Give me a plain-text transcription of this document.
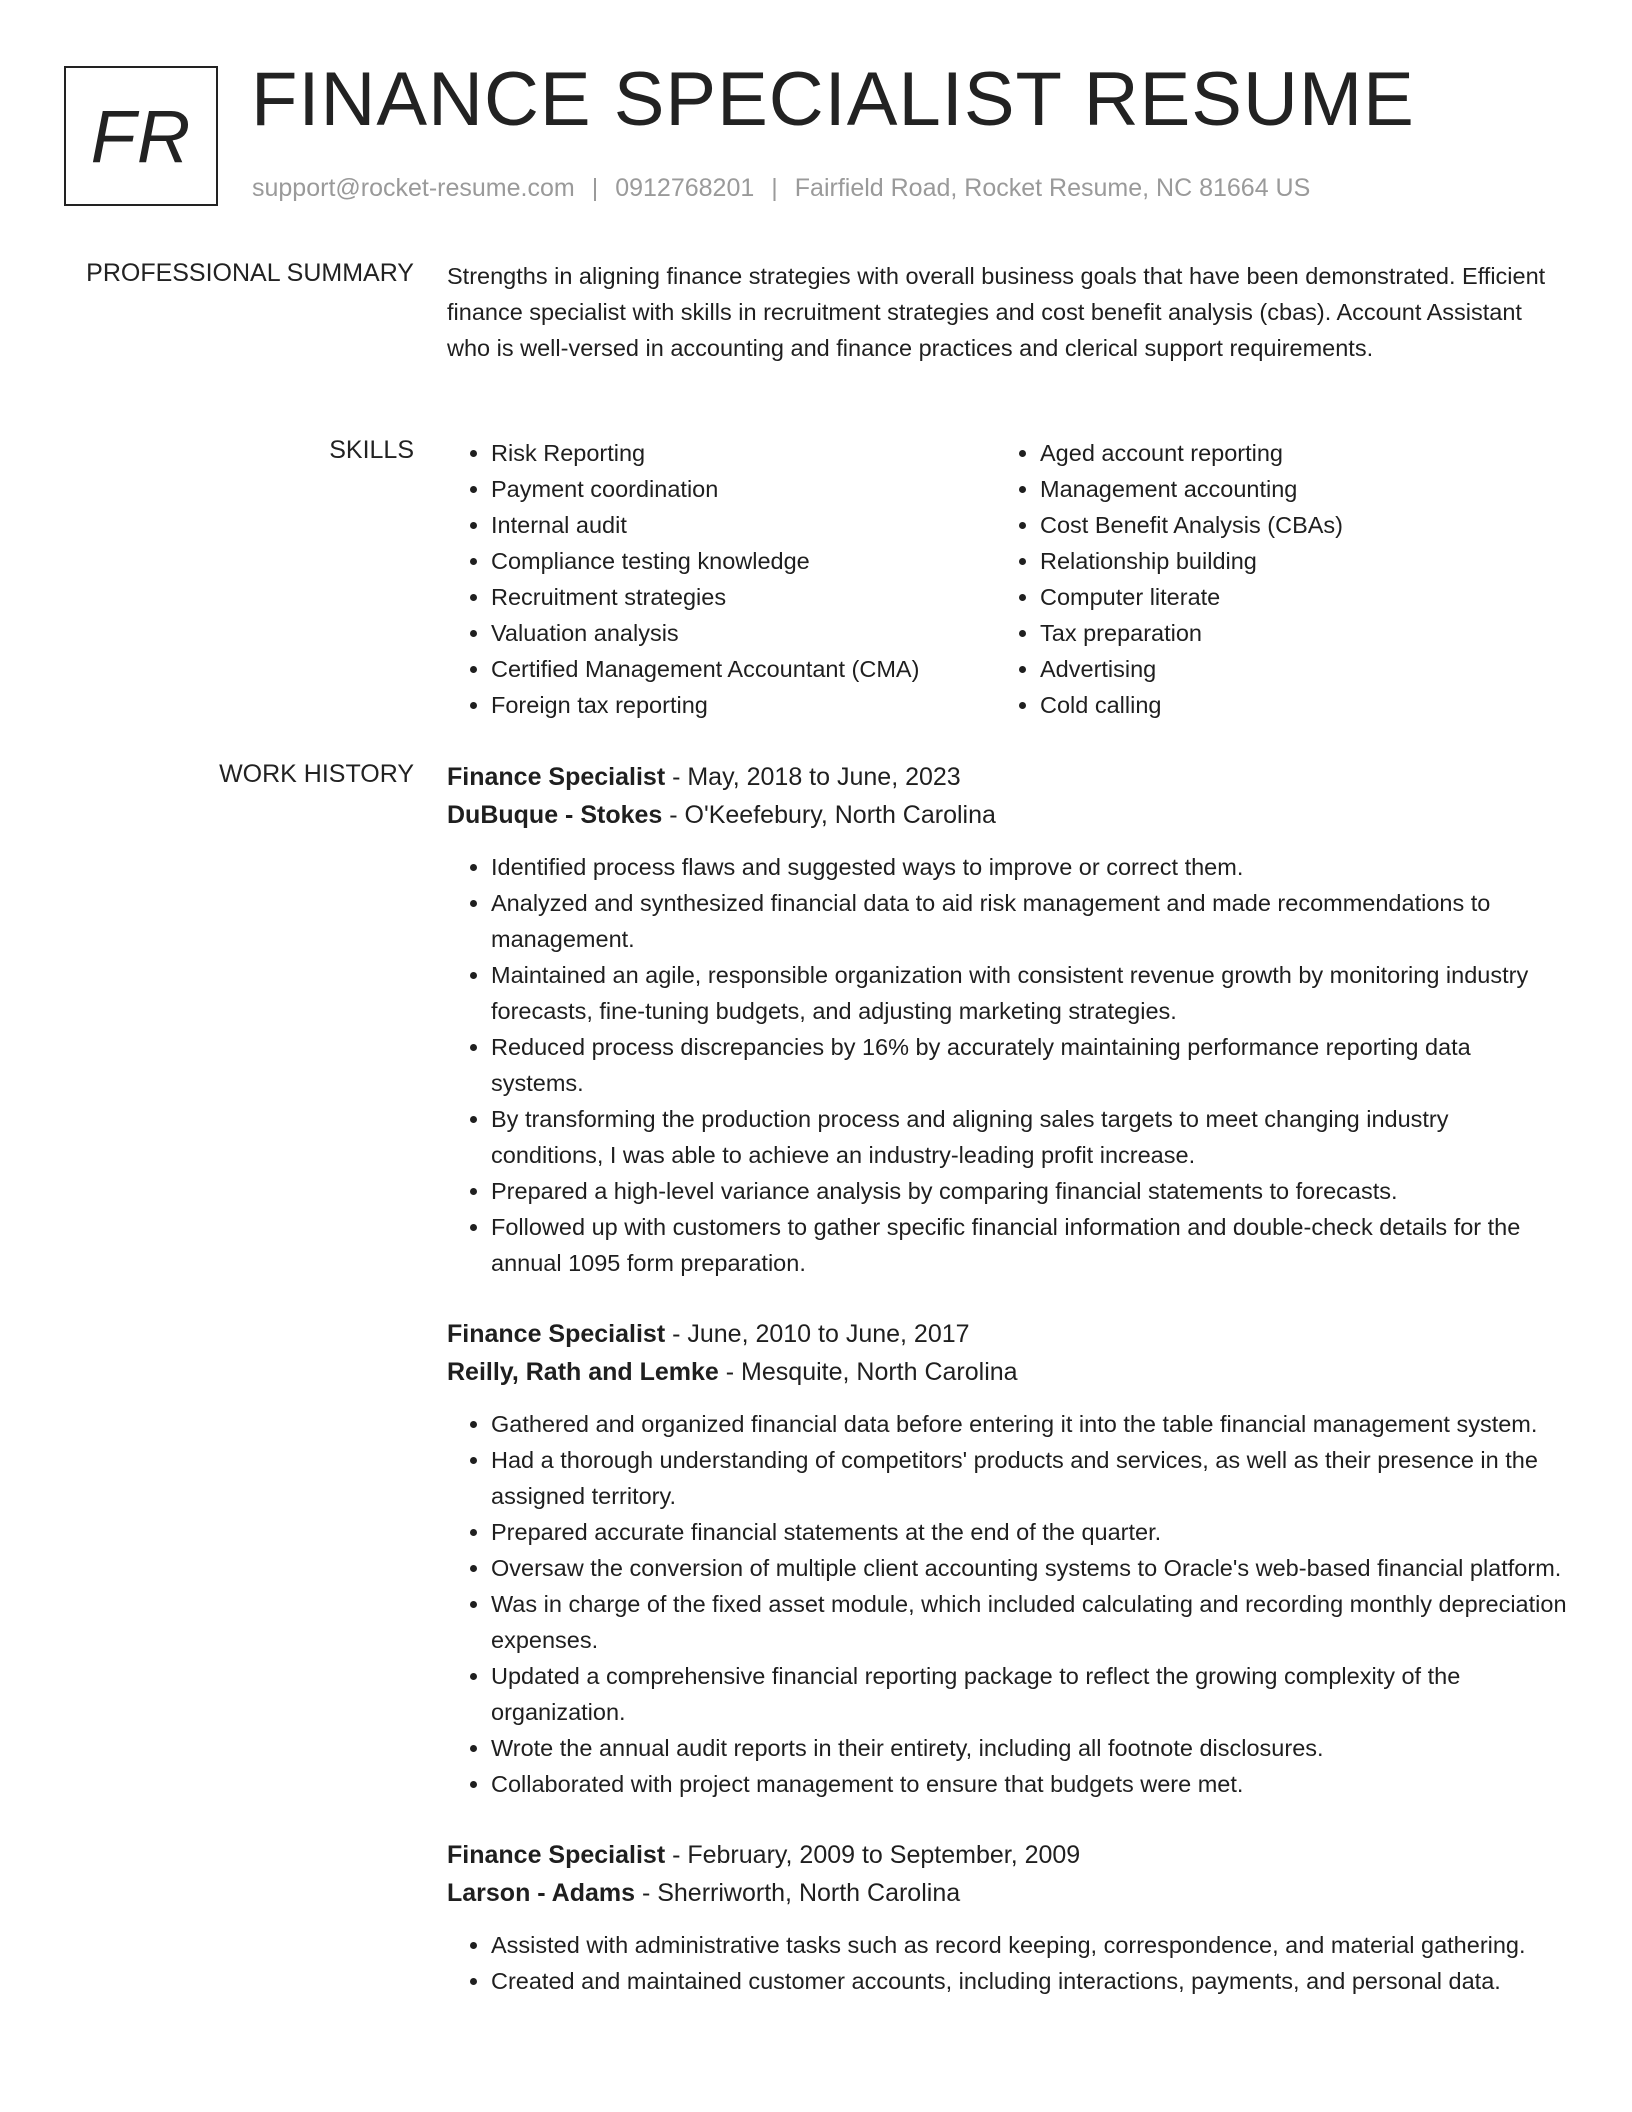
FR FINANCE SPECIALIST RESUME
support@rocket-resume.com | 0912768201 | Fairfield Road, Rocket Resume, NC 81664 US
PROFESSIONAL SUMMARY Strengths in aligning finance strategies with overall business goals that have been demonstrated. Efficient finance specialist with skills in recruitment strategies and cost benefit analysis (cbas). Account Assistant who is well-versed in accounting and finance practices and clerical support requirements.

SKILLS
•	Risk Reporting
• Payment coordination
• Internal audit
• Compliance testing knowledge
• Recruitment strategies
• Valuation analysis
• Certified Management Accountant (CMA)
• Foreign tax reporting
• Aged account reporting
• Management accounting
• Cost Benefit Analysis (CBAs)
• Relationship building
• Computer literate
• Tax preparation
• Advertising
• Cold calling
WORK HISTORY Finance Specialist - May, 2018 to June, 2023
DuBuque - Stokes - O'Keefebury, North Carolina
• Identified process flaws and suggested ways to improve or correct them.
• Analyzed and synthesized financial data to aid risk management and made recommendations to management.
• Maintained an agile, responsible organization with consistent revenue growth by monitoring industry forecasts, fine-tuning budgets, and adjusting marketing strategies.
• Reduced process discrepancies by 16% by accurately maintaining performance reporting data systems.
• By transforming the production process and aligning sales targets to meet changing industry conditions, I was able to achieve an industry-leading profit increase.
• Prepared a high-level variance analysis by comparing financial statements to forecasts.
• Followed up with customers to gather specific financial information and double-check details for the annual 1095 form preparation.
Finance Specialist - June, 2010 to June, 2017
Reilly, Rath and Lemke - Mesquite, North Carolina
• Gathered and organized financial data before entering it into the table financial management system.
• Had a thorough understanding of competitors' products and services, as well as their presence in the assigned territory.
• Prepared accurate financial statements at the end of the quarter.
• Oversaw the conversion of multiple client accounting systems to Oracle's web-based financial platform.
• Was in charge of the fixed asset module, which included calculating and recording monthly depreciation expenses.
• Updated a comprehensive financial reporting package to reflect the growing complexity of the organization.
• Wrote the annual audit reports in their entirety, including all footnote disclosures.
• Collaborated with project management to ensure that budgets were met.
Finance Specialist - February, 2009 to September, 2009
Larson - Adams - Sherriworth, North Carolina
• Assisted with administrative tasks such as record keeping, correspondence, and material gathering.
• Created and maintained customer accounts, including interactions, payments, and personal data.
